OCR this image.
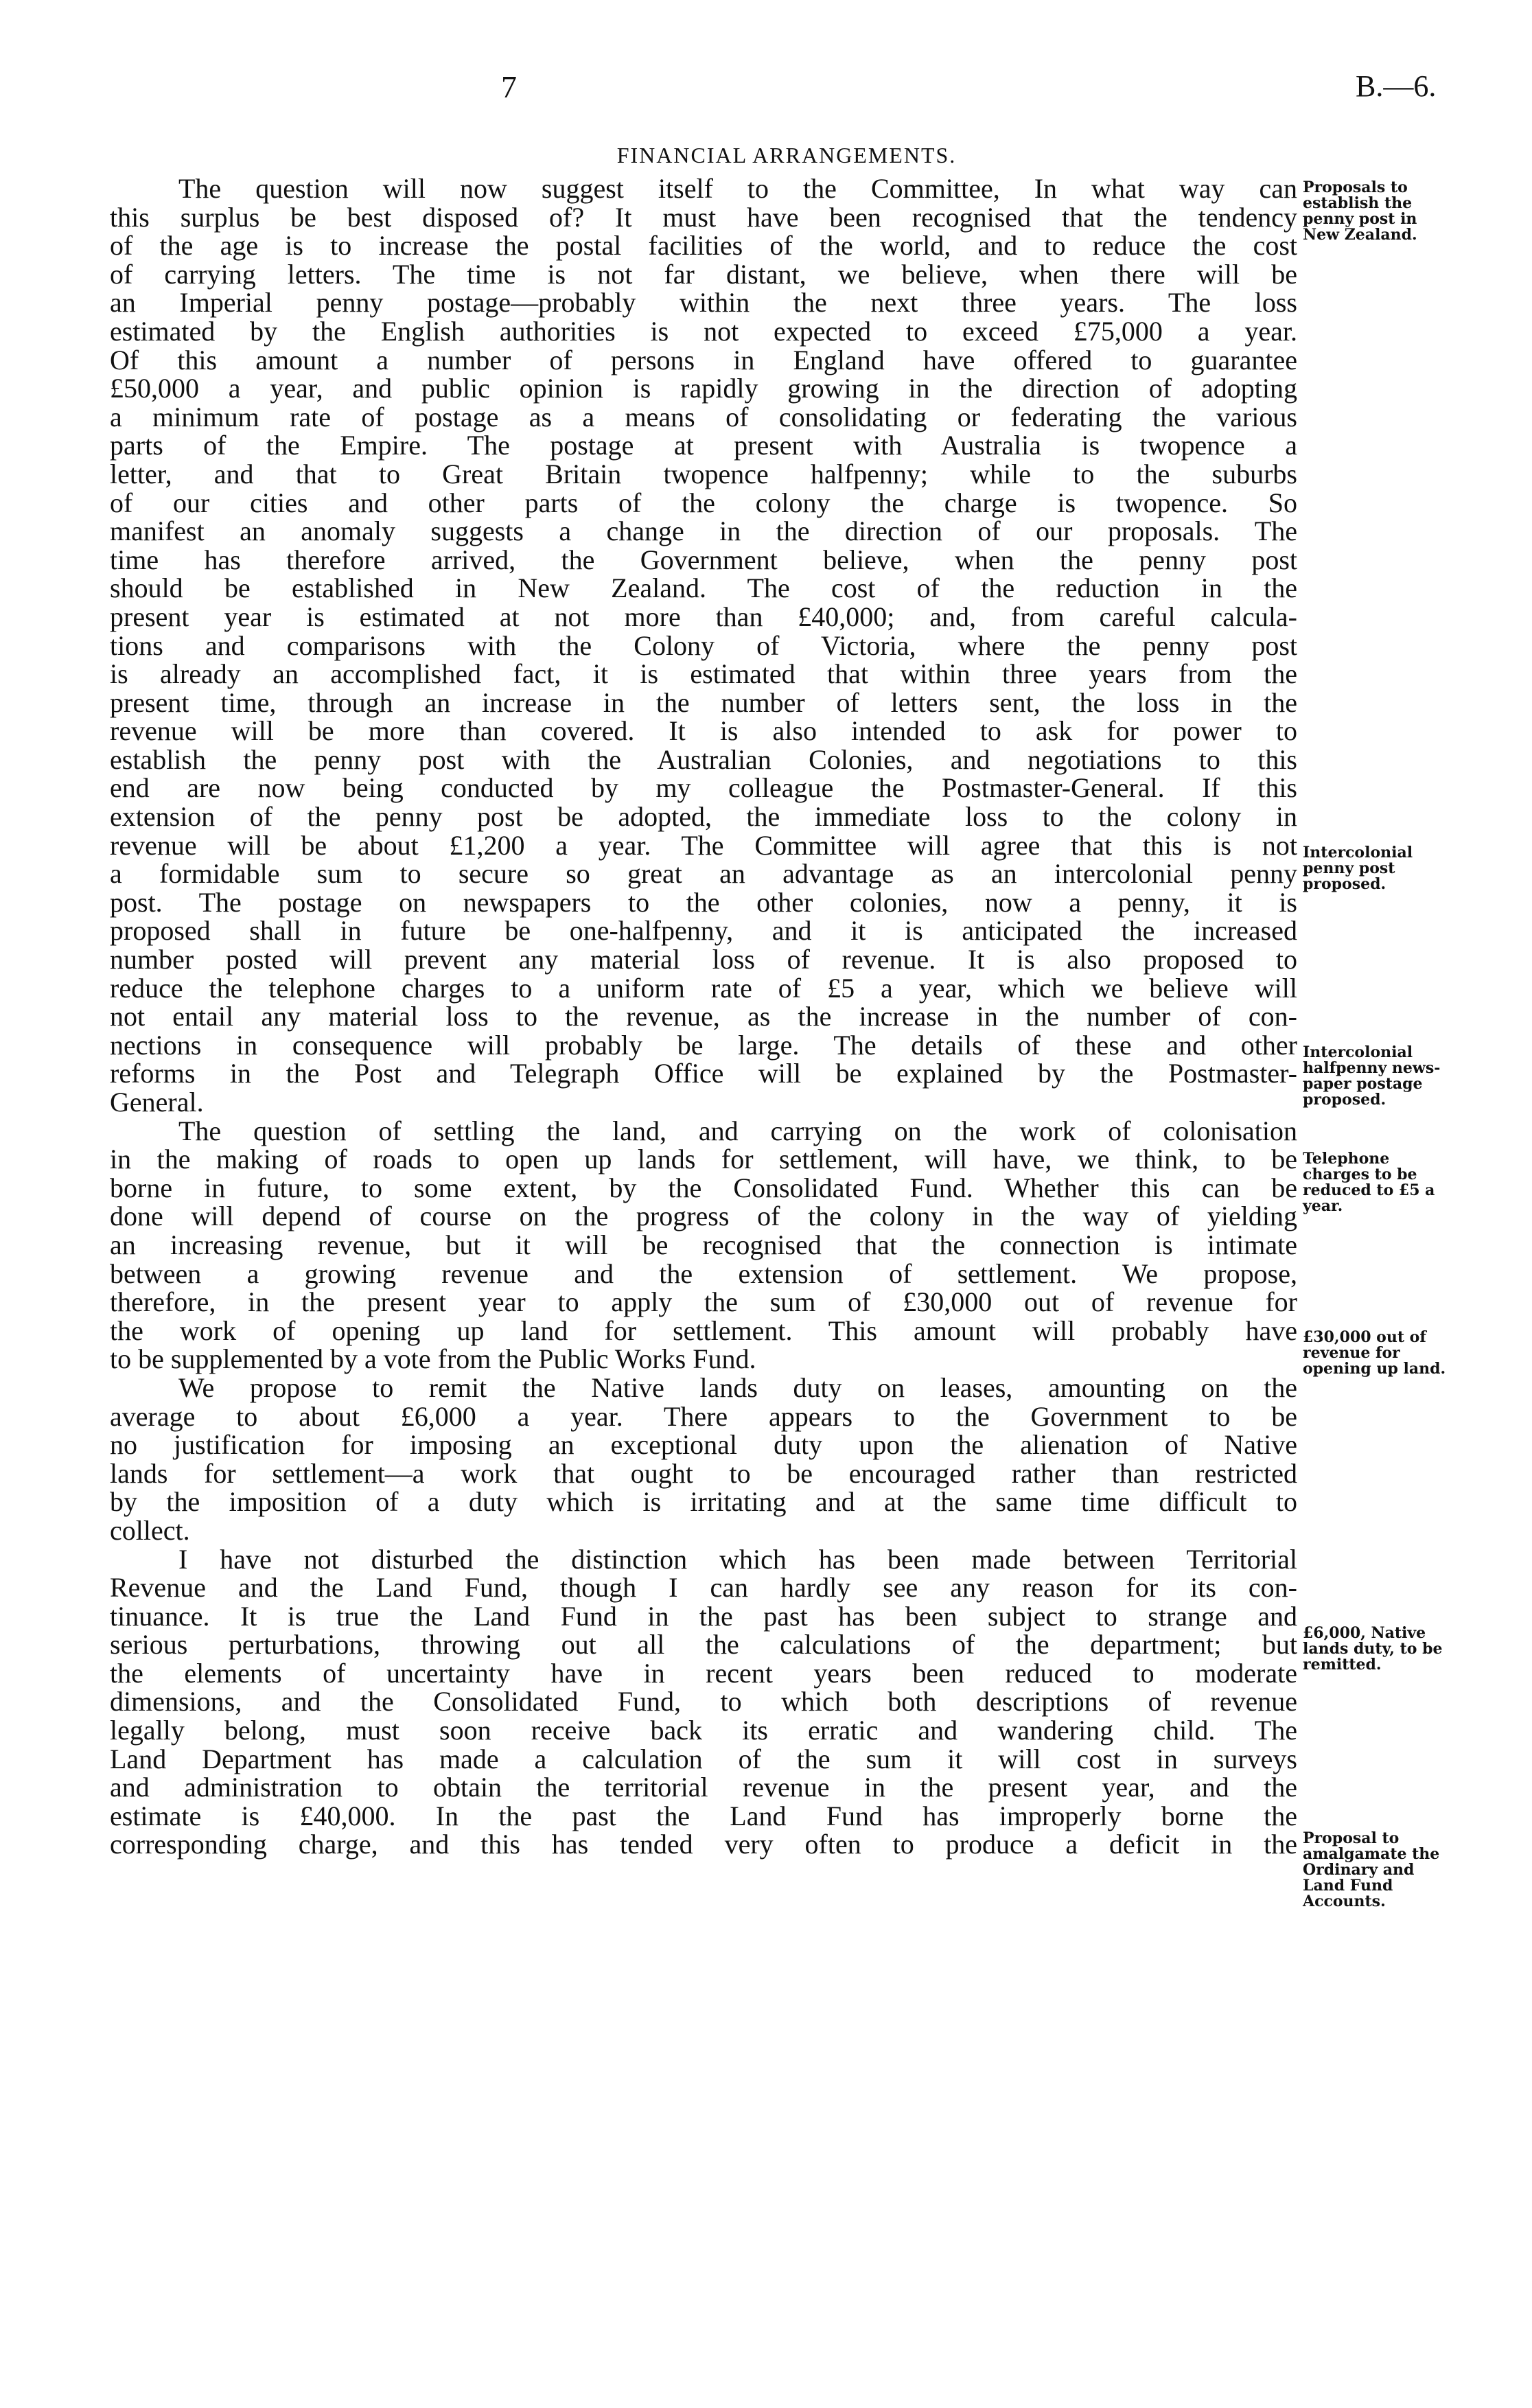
7	B.—6.
FINANCIAL ARRANGEMENTS.
The question will now suggest itself to the Committee, In what way can
this surplus be best disposed of? It must have been recognised that the tendency
of the age is to increase the postal facilities of the world, and to reduce the cost
of carrying letters. The time is not far distant, we believe, when there will be
an Imperial penny postage—probably within the next three years. The loss
estimated by the English authorities is not expected to exceed £75,000 a year.
Of this amount a number of persons in England have offered to guarantee
£50,000 a year, and public opinion is rapidly growing in the direction of adopting
a minimum rate of postage as a means of consolidating or federating the various
parts of the Empire. The postage at present with Australia is twopence a
letter, and that to Great Britain twopence halfpenny; while to the suburbs
of our cities and other parts of the colony the charge is twopence. So
manifest an anomaly suggests a change in the direction of our proposals. The
time has therefore arrived, the Government believe, when the penny post
should be established in New Zealand. The cost of the reduction in the
present year is estimated at not more than £40,000; and, from careful calcula-
tions and comparisons with the Colony of Victoria, where the penny post
is already an accomplished fact, it is estimated that within three years from the
present time, through an increase in the number of letters sent, the loss in the
revenue will be more than covered. It is also intended to ask for power to
establish the penny post with the Australian Colonies, and negotiations to this
end are now being conducted by my colleague the Postmaster-General. If this
extension of the penny post be adopted, the immediate loss to the colony in
revenue will be about £1,200 a year. The Committee will agree that this is not
a formidable sum to secure so great an advantage as an intercolonial penny
post. The postage on newspapers to the other colonies, now a penny, it is
proposed shall in future be one-halfpenny, and it is anticipated the increased
number posted will prevent any material loss of revenue. It is also proposed to
reduce the telephone charges to a uniform rate of £5 a year, which we believe will
not entail any material loss to the revenue, as the increase in the number of con-
nections in consequence will probably be large. The details of these and other
reforms in the Post and Telegraph Office will be explained by the Postmaster-
General.
The question of settling the land, and carrying on the work of colonisation
in the making of roads to open up lands for settlement, will have, we think, to be
borne in future, to some extent, by the Consolidated Fund. Whether this can be
done will depend of course on the progress of the colony in the way of yielding
an increasing revenue, but it will be recognised that the connection is intimate
between a growing revenue and the extension of settlement. We propose,
therefore, in the present year to apply the sum of £30,000 out of revenue for
the work of opening up land for settlement. This amount will probably have
to be supplemented by a vote from the Public Works Fund.
We propose to remit the Native lands duty on leases, amounting on the
average to about £6,000 a year. There appears to the Government to be
no justification for imposing an exceptional duty upon the alienation of Native
lands for settlement—a work that ought to be encouraged rather than restricted
by the imposition of a duty which is irritating and at the same time difficult to
collect.
I have not disturbed the distinction which has been made between Territorial
Revenue and the Land Fund, though I can hardly see any reason for its con-
tinuance. It is true the Land Fund in the past has been subject to strange and
serious perturbations, throwing out all the calculations of the department; but
the elements of uncertainty have in recent years been reduced to moderate
dimensions, and the Consolidated Fund, to which both descriptions of revenue
legally belong, must soon receive back its erratic and wandering child. The
Land Department has made a calculation of the sum it will cost in surveys
and administration to obtain the territorial revenue in the present year, and the
estimate is £40,000. In the past the Land Fund has improperly borne the
corresponding charge, and this has tended very often to produce a deficit in the
Proposals to
establish the
penny post in
New Zealand.
Intercolonial
penny post
proposed.
Intercolonial
halfpenny news-
paper postage
proposed.
Telephone
charges to be
reduced to £5 a
year.
£30,000 out of
revenue for
opening up land.
£6,000, Native
lands duty, to be
remitted.
Proposal to
amalgamate the
Ordinary and
Land Fund
Accounts.
